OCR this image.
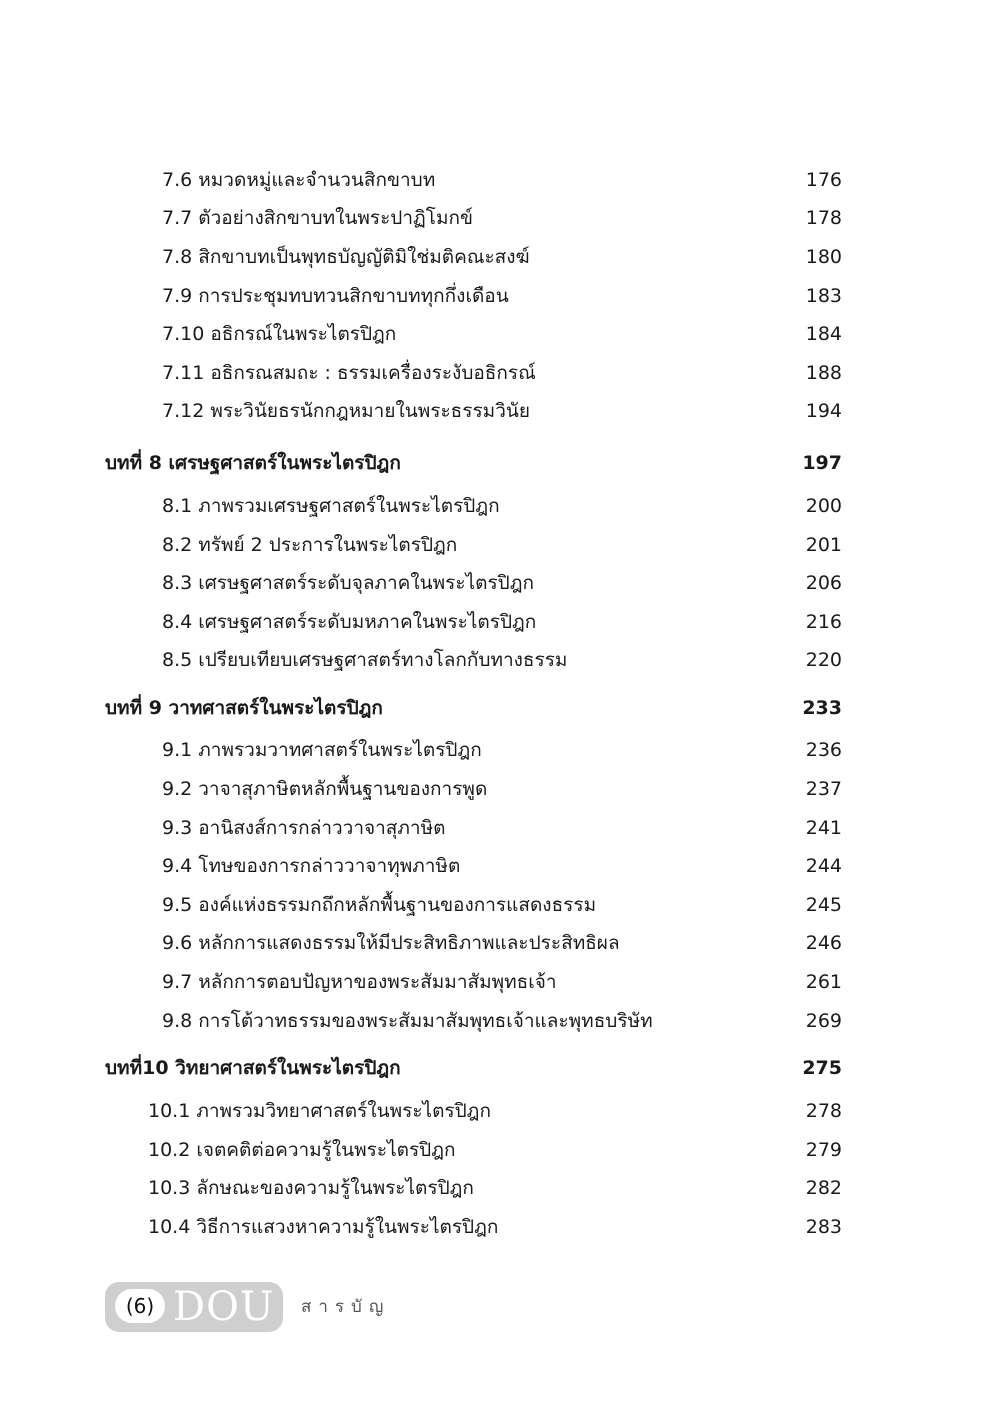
7.6 หมวดหมู่และจำนวนสิกขาบท	176
7.7 ตัวอย่างสิกขาบทในพระปาฏิโมกข์	178
7.8 สิกขาบทเป็นพุทธบัญญัติมิใช่มติคณะสงฆ์	180
7.9 การประชุมทบทวนสิกขาบททุกกึ่งเดือน	183
7.10 อธิกรณ์ในพระไตรปิฎก	184
7.11 อธิกรณสมถะ : ธรรมเครื่องระงับอธิกรณ์	188
7.12 พระวินัยธรนักกฎหมายในพระธรรมวินัย	194
บทที่ 8 เศรษฐศาสตร์ในพระไตรปิฎก	197
8.1 ภาพรวมเศรษฐศาสตร์ในพระไตรปิฎก	200
8.2 ทรัพย์ 2 ประการในพระไตรปิฎก	201
8.3 เศรษฐศาสตร์ระดับจุลภาคในพระไตรปิฎก	206
8.4 เศรษฐศาสตร์ระดับมหภาคในพระไตรปิฎก	216
8.5 เปรียบเทียบเศรษฐศาสตร์ทางโลกกับทางธรรม	220
บทที่ 9 วาทศาสตร์ในพระไตรปิฎก	233
9.1 ภาพรวมวาทศาสตร์ในพระไตรปิฎก	236
9.2 วาจาสุภาษิตหลักพื้นฐานของการพูด	237
9.3 อานิสงส์การกล่าววาจาสุภาษิต	241
9.4 โทษของการกล่าววาจาทุพภาษิต	244
9.5 องค์แห่งธรรมกถึกหลักพื้นฐานของการแสดงธรรม	245
9.6 หลักการแสดงธรรมให้มีประสิทธิภาพและประสิทธิผล	246
9.7 หลักการตอบปัญหาของพระสัมมาสัมพุทธเจ้า	261
9.8 การโต้วาทธรรมของพระสัมมาสัมพุทธเจ้าและพุทธบริษัท	269
บทที่10 วิทยาศาสตร์ในพระไตรปิฎก	275
10.1 ภาพรวมวิทยาศาสตร์ในพระไตรปิฎก	278
10.2 เจตคติต่อความรู้ในพระไตรปิฎก	279
10.3 ลักษณะของความรู้ในพระไตรปิฎก	282
10.4 วิธีการแสวงหาความรู้ในพระไตรปิฎก	283
(6) DOU สารบัญ
